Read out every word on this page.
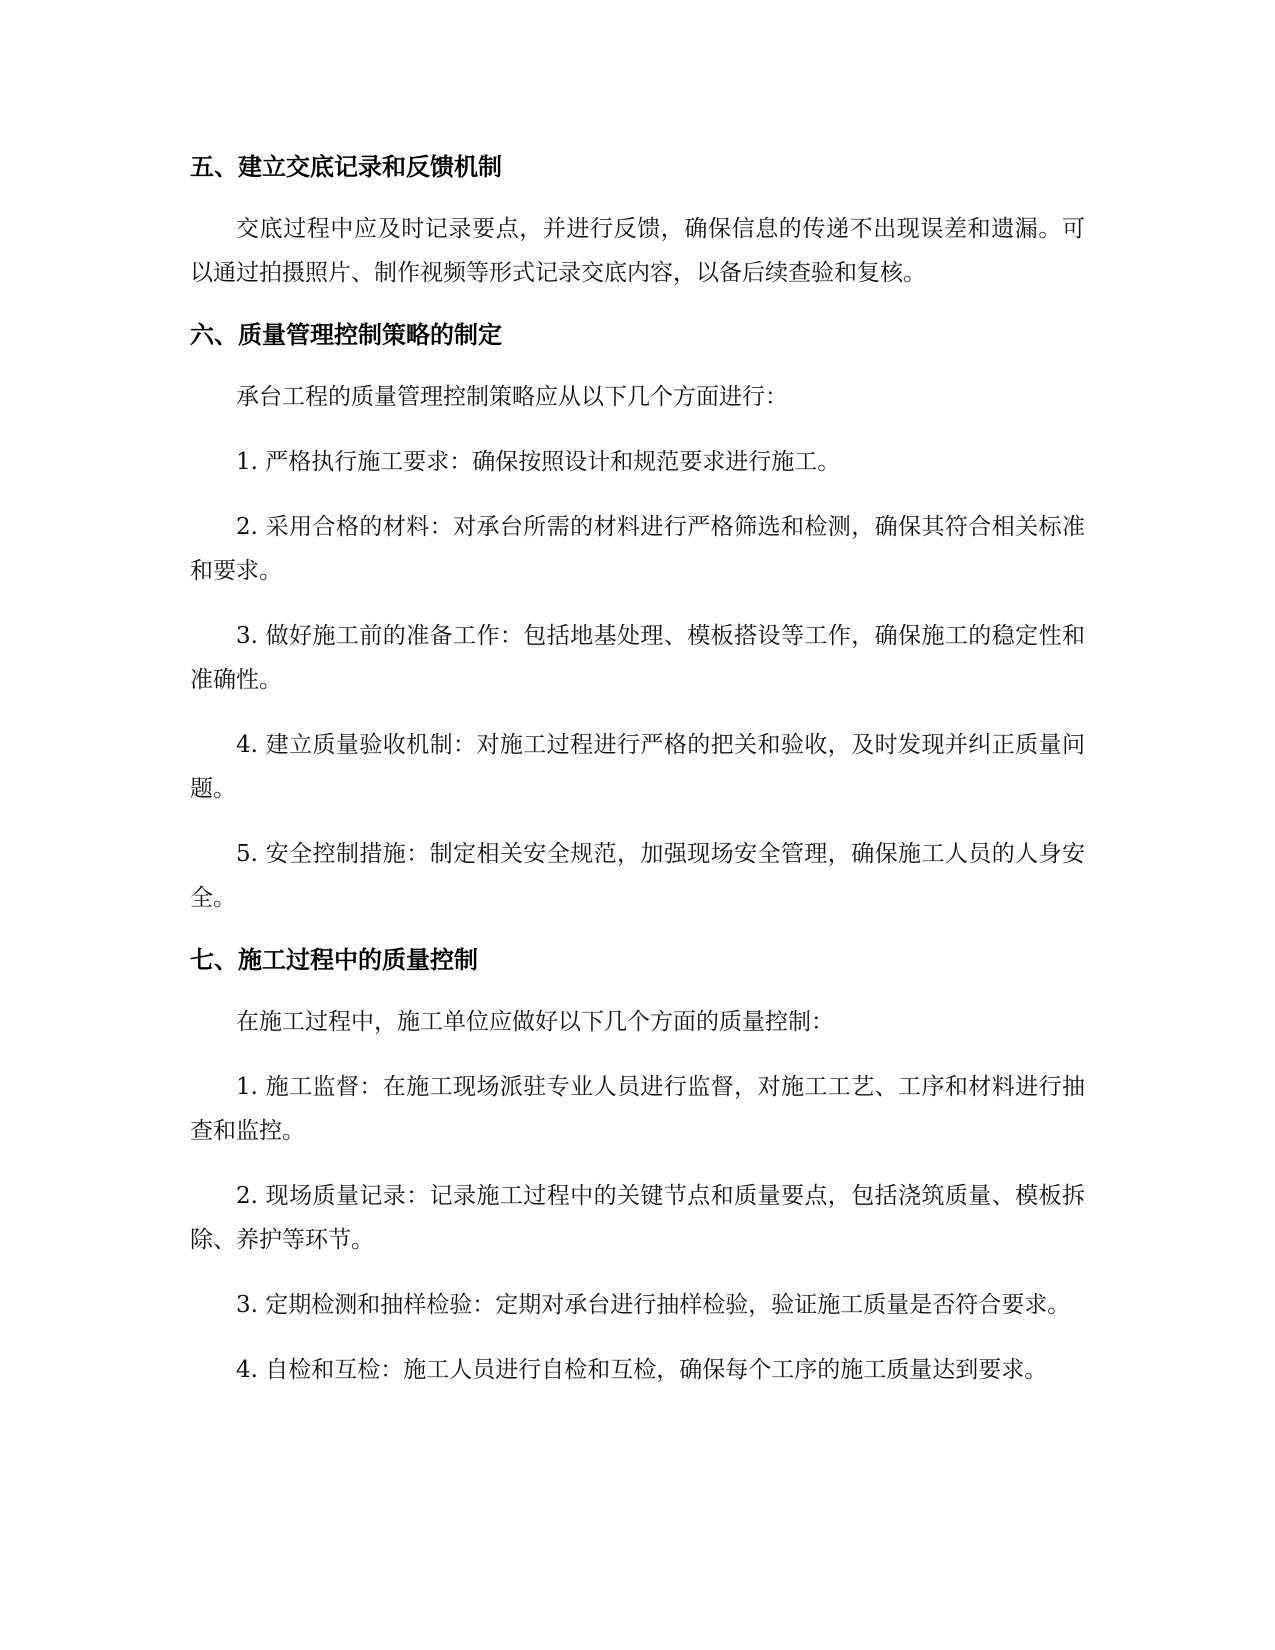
五、建立交底记录和反馈机制

交底过程中应及时记录要点，并进行反馈，确保信息的传递不出现误差和遗漏。可以通过拍摄照片、制作视频等形式记录交底内容，以备后续查验和复核。

六、质量管理控制策略的制定

承台工程的质量管理控制策略应从以下几个方面进行：

1. 严格执行施工要求：确保按照设计和规范要求进行施工。

2. 采用合格的材料：对承台所需的材料进行严格筛选和检测，确保其符合相关标准和要求。

3. 做好施工前的准备工作：包括地基处理、模板搭设等工作，确保施工的稳定性和准确性。

4. 建立质量验收机制：对施工过程进行严格的把关和验收，及时发现并纠正质量问题。

5. 安全控制措施：制定相关安全规范，加强现场安全管理，确保施工人员的人身安全。

七、施工过程中的质量控制

在施工过程中，施工单位应做好以下几个方面的质量控制：

1. 施工监督：在施工现场派驻专业人员进行监督，对施工工艺、工序和材料进行抽查和监控。

2. 现场质量记录：记录施工过程中的关键节点和质量要点，包括浇筑质量、模板拆除、养护等环节。

3. 定期检测和抽样检验：定期对承台进行抽样检验，验证施工质量是否符合要求。

4. 自检和互检：施工人员进行自检和互检，确保每个工序的施工质量达到要求。
